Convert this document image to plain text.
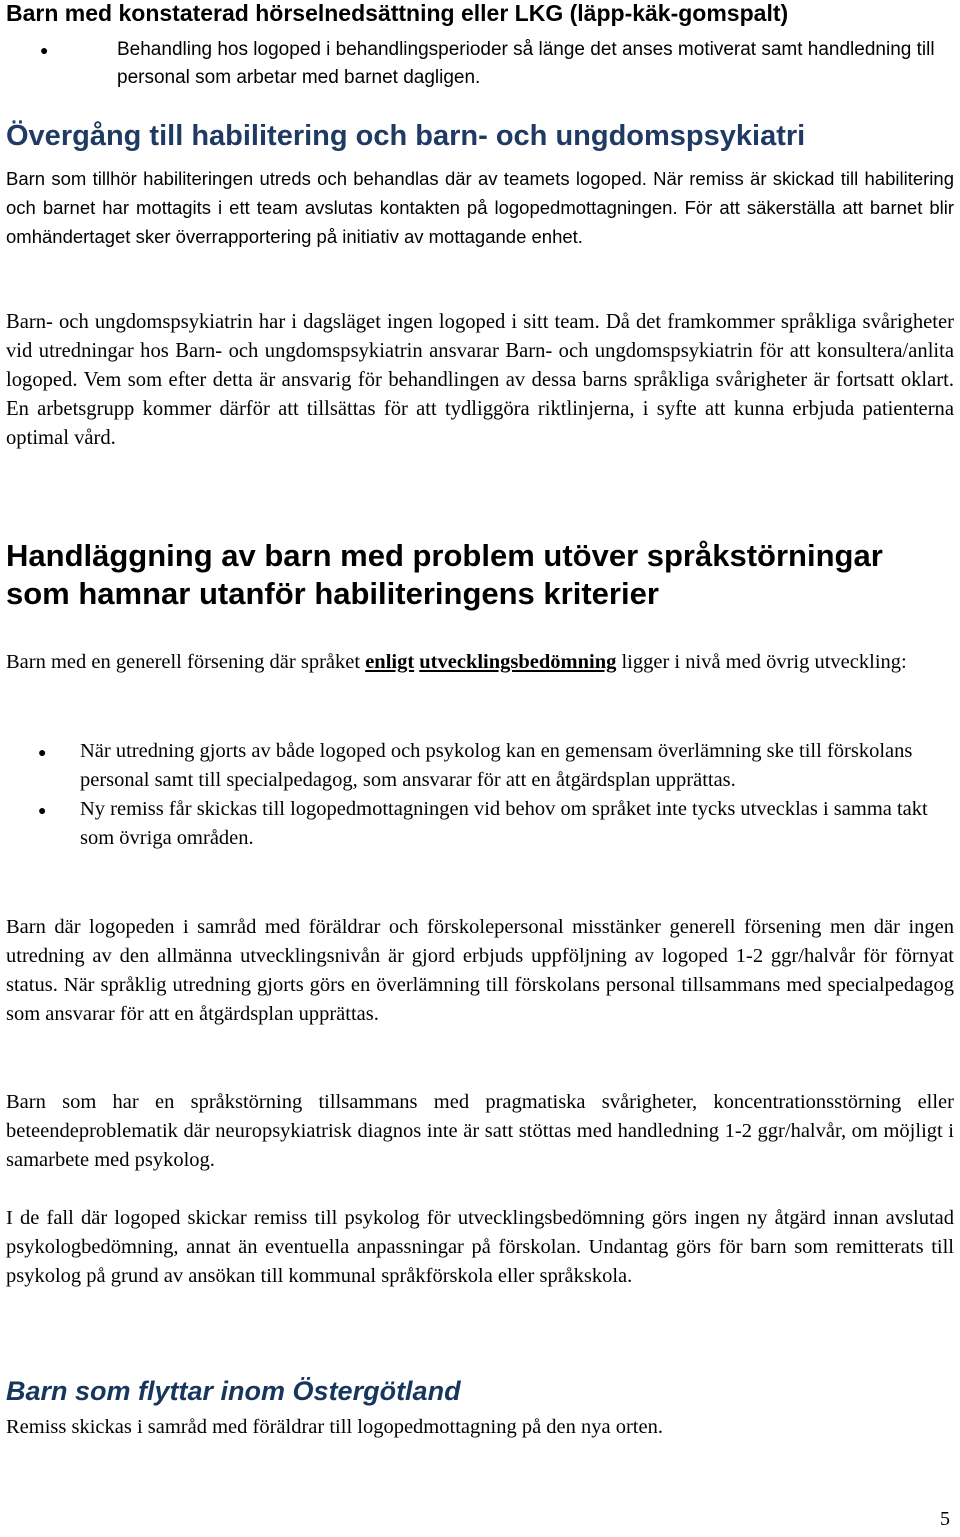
Barn med konstaterad hörselnedsättning eller LKG (läpp-käk-gomspalt)
●	Behandling hos logoped i behandlingsperioder så länge det anses motiverat samt handledning till personal som arbetar med barnet dagligen.
Övergång till habilitering och barn- och ungdomspsykiatri

Barn som tillhör habiliteringen utreds och behandlas där av teamets logoped. När remiss är skickad till habilitering och barnet har mottagits i ett team avslutas kontakten på logopedmottagningen. För att säkerställa att barnet blir omhändertaget sker överrapportering på initiativ av mottagande enhet.

Barn- och ungdomspsykiatrin har i dagsläget ingen logoped i sitt team. Då det framkommer språkliga svårigheter vid utredningar hos Barn- och ungdomspsykiatrin ansvarar Barn- och ungdomspsykiatrin för att konsultera/anlita logoped. Vem som efter detta är ansvarig för behandlingen av dessa barns språkliga svårigheter är fortsatt oklart. En arbetsgrupp kommer därför att tillsättas för att tydliggöra riktlinjerna, i syfte att kunna erbjuda patienterna optimal vård.

Handläggning av barn med problem utöver språkstörningar
som hamnar utanför habiliteringens kriterier

Barn med en generell försening där språket enligt utvecklingsbedömning ligger i nivå med övrig utveckling:

● När utredning gjorts av både logoped och psykolog kan en gemensam överlämning ske till förskolans personal samt till specialpedagog, som ansvarar för att en åtgärdsplan upprättas.
● Ny remiss får skickas till logopedmottagningen vid behov om språket inte tycks utvecklas i samma takt som övriga områden.

Barn där logopeden i samråd med föräldrar och förskolepersonal misstänker generell försening men där ingen utredning av den allmänna utvecklingsnivån är gjord erbjuds uppföljning av logoped 1-2 ggr/halvår för förnyat status. När språklig utredning gjorts görs en överlämning till förskolans personal tillsammans med specialpedagog som ansvarar för att en åtgärdsplan upprättas.

Barn som har en språkstörning tillsammans med pragmatiska svårigheter, koncentrationsstörning eller beteendeproblematik där neuropsykiatrisk diagnos inte är satt stöttas med handledning 1-2 ggr/halvår, om möjligt i samarbete med psykolog.

I de fall där logoped skickar remiss till psykolog för utvecklingsbedömning görs ingen ny åtgärd innan avslutad psykologbedömning, annat än eventuella anpassningar på förskolan. Undantag görs för barn som remitterats till psykolog på grund av ansökan till kommunal språkförskola eller språkskola.

Barn som flyttar inom Östergötland

Remiss skickas i samråd med föräldrar till logopedmottagning på den nya orten.

5
